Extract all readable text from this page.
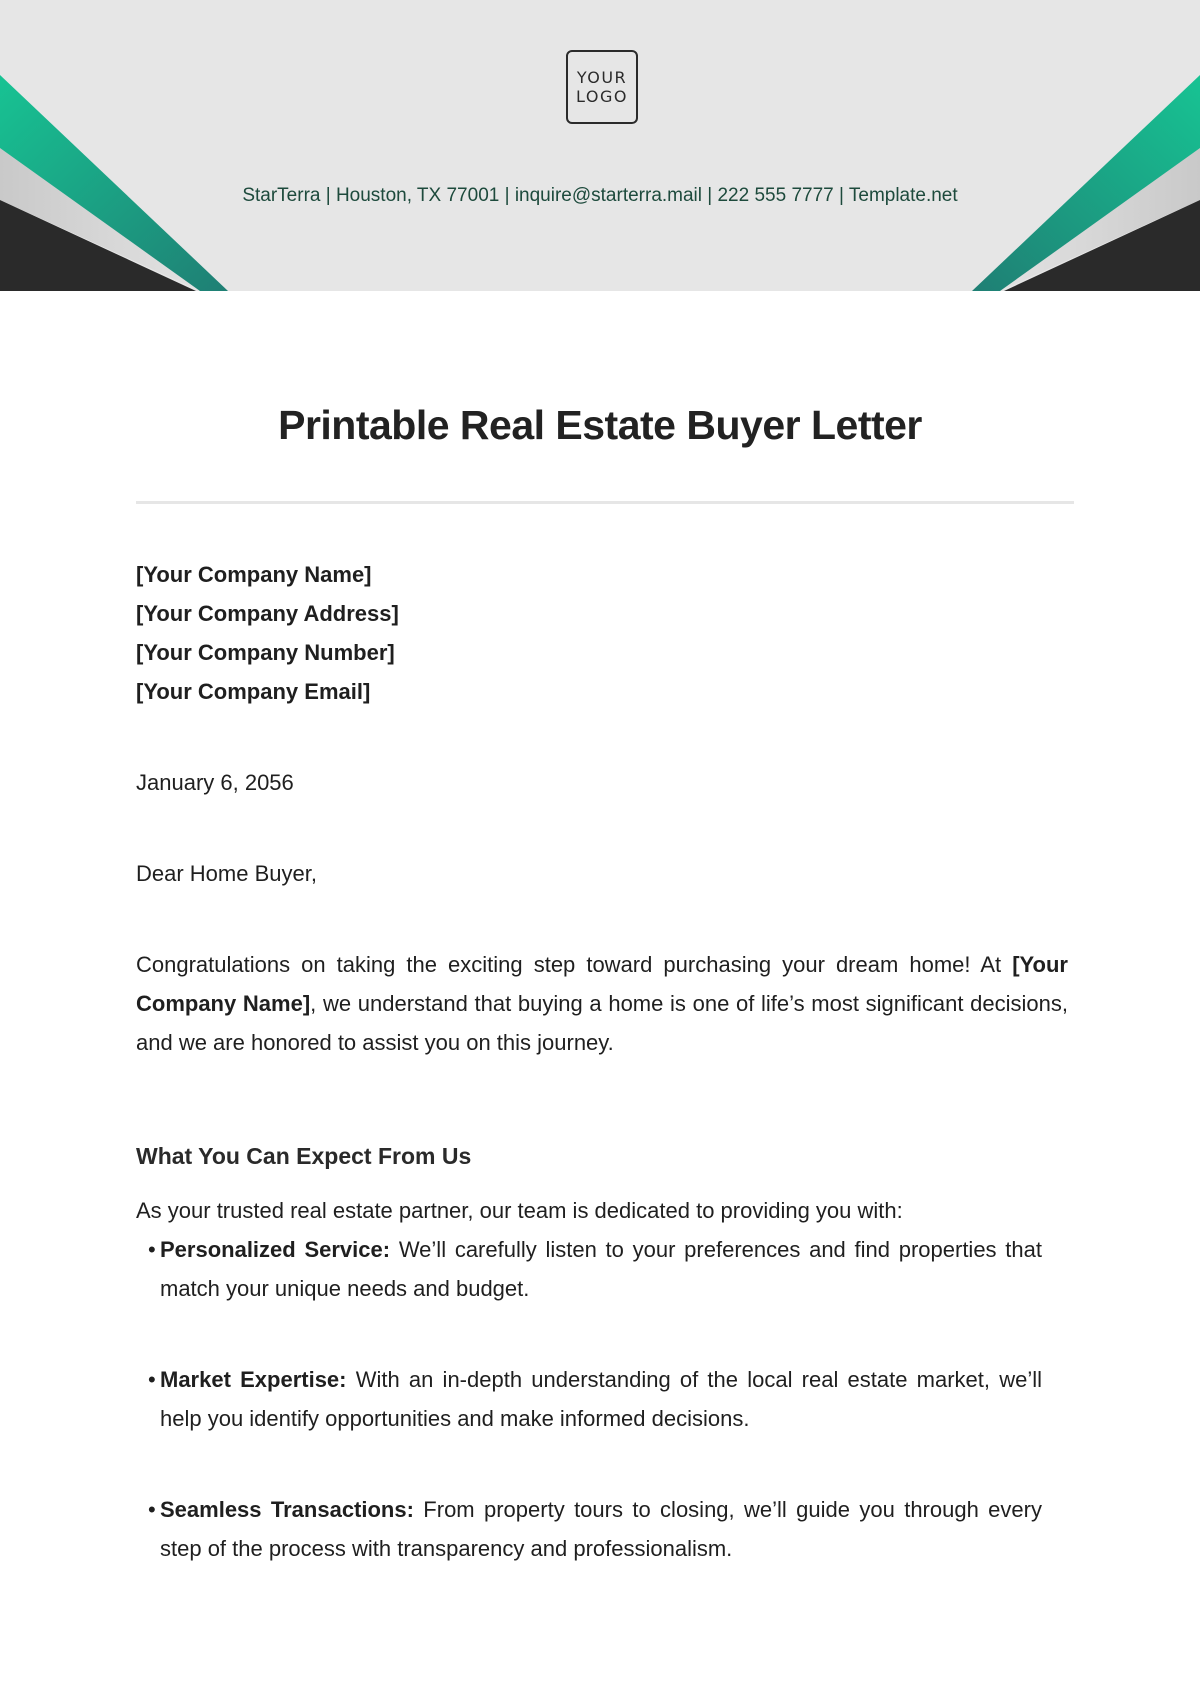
YOUR LOGO
StarTerra | Houston, TX 77001 | inquire@starterra.mail | 222 555 7777 | Template.net
Printable Real Estate Buyer Letter
[Your Company Name]
[Your Company Address]
[Your Company Number]
[Your Company Email]
January 6, 2056
Dear Home Buyer,

Congratulations on taking the exciting step toward purchasing your dream home! At [Your Company Name], we understand that buying a home is one of life’s most significant decisions, and we are honored to assist you on this journey.

What You Can Expect From Us
As your trusted real estate partner, our team is dedicated to providing you with:
• Personalized Service: We’ll carefully listen to your preferences and find properties that match your unique needs and budget.
• Market Expertise: With an in-depth understanding of the local real estate market, we’ll help you identify opportunities and make informed decisions.
• Seamless Transactions: From property tours to closing, we’ll guide you through every step of the process with transparency and professionalism.
